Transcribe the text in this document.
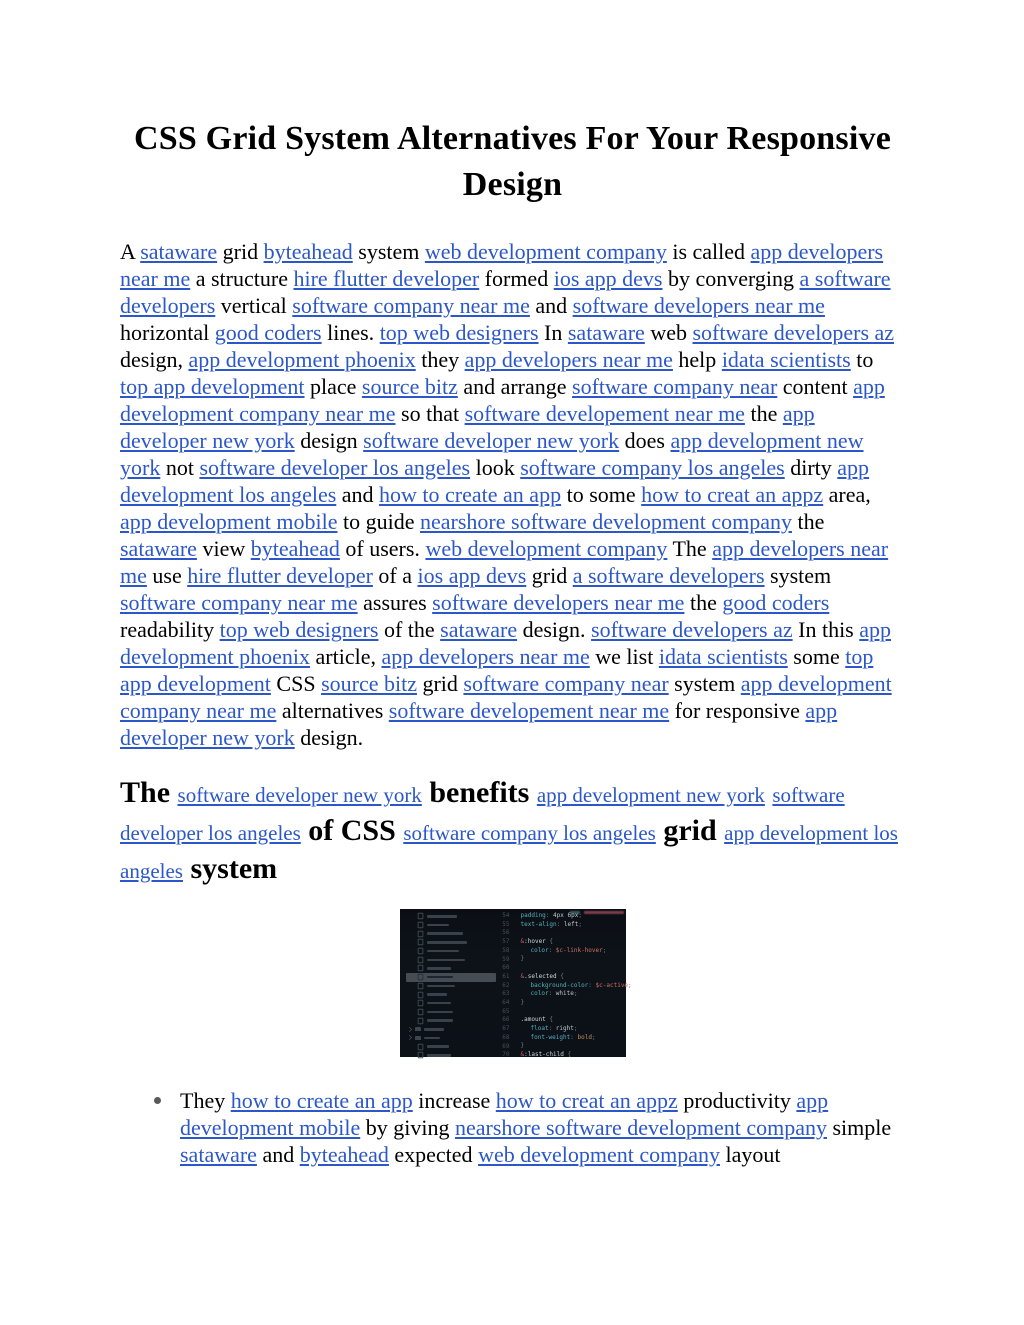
CSS Grid System Alternatives For Your Responsive Design

A sataware grid byteahead system web development company is called app developers near me a structure hire flutter developer formed ios app devs by converging a software developers vertical software company near me and software developers near me horizontal good coders lines. top web designers In sataware web software developers az design, app development phoenix they app developers near me help idata scientists to top app development place source bitz and arrange software company near content app development company near me so that software developement near me the app developer new york design software developer new york does app development new york not software developer los angeles look software company los angeles dirty app development los angeles and how to create an app to some how to creat an appz area, app development mobile to guide nearshore software development company the sataware view byteahead of users. web development company The app developers near me use hire flutter developer of a ios app devs grid a software developers system software company near me assures software developers near me the good coders readability top web designers of the sataware design. software developers az In this app development phoenix article, app developers near me we list idata scientists some top app development CSS source bitz grid software company near system app development company near me alternatives software developement near me for responsive app developer new york design.

The software developer new york benefits app development new york software developer los angeles of CSS software company los angeles grid app development los angeles system
54
55
56
57
58
59
60
61
62
63
64
65
66
67
68
69
70
padding: 4px 6px;
text-align: left;
&:hover {
color: $c-link-hover;
}
&.selected {
background-color: $c-active;
color: white;
}
.amount {
float: right;
font-weight: bold;
}
&:last-child {
They how to create an app increase how to creat an appz productivity app development mobile by giving nearshore software development company simple sataware and byteahead expected web development company layout
